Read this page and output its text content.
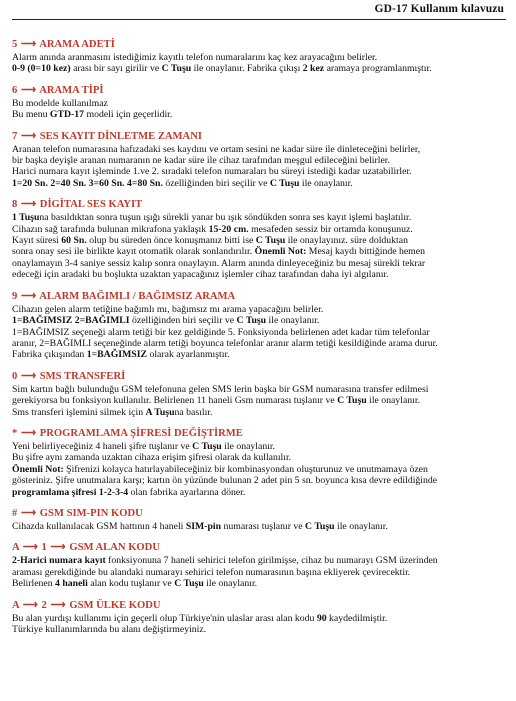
GD-17 Kullanım kılavuzu
5 ⟶ ARAMA ADETİ
Alarm anında aranmasını istediğimiz kayıtlı telefon numaralarını kaç kez arayacağını belirler.
0-9 (0=10 kez) arası bir sayı girilir ve C Tuşu ile onaylanır. Fabrika çıkışı 2 kez aramaya programlanmıştır.
6 ⟶ ARAMA TİPİ
Bu modelde kullanılmaz
Bu menu GTD-17 modeli için geçerlidir.
7 ⟶ SES KAYIT DİNLETME ZAMANI
Aranan telefon numarasına hafızadaki ses kaydını ve ortam sesini ne kadar süre ile dinleteceğini belirler,
bir başka deyişle aranan numaranın ne kadar süre ile cihaz tarafından meşgul edileceğini belirler.
Harici numara kayıt işleminde 1.ve 2. sıradaki telefon numaraları bu süreyi istediği kadar uzatabilirler.
1=20 Sn. 2=40 Sn. 3=60 Sn. 4=80 Sn. özelliğinden biri seçilir ve C Tuşu ile onaylanır.
8 ⟶ DİGİTAL SES KAYIT
1 Tuşuna basıldıktan sonra tuşun ışığı sürekli yanar bu ışık söndükden sonra ses kayıt işlemi başlatılır.
Cihazın sağ tarafında bulunan mikrafona yaklaşık 15-20 cm. mesafeden sessiz bir ortamda konuşunuz.
Kayıt süresi 60 Sn. olup bu süreden önce konuşmanız bitti ise C Tuşu ile onaylayınız. süre dolduktan
sonra onay sesi ile birlikte kayıt otomatik olarak sonlandırılır. Önemli Not: Mesaj kaydı bittiğinde hemen
onaylamayın 3-4 saniye sessiz kalıp sonra onaylayın. Alarm anında dinleyeceğiniz bu mesaj sürekli tekrar
edeceği için aradaki bu boşlukta uzaktan yapacağınız işlemler cihaz tarafından daha iyi algılanır.
9 ⟶ ALARM BAĞIMLI / BAĞIMSIZ ARAMA
Cihazın gelen alarm tetiğine bağımlı mı, bağımsız mı arama yapacağını belirler.
1=BAĞIMSIZ 2=BAĞIMLI özelliğinden biri seçilir ve C Tuşu ile onaylanır.
1=BAĞIMSIZ seçeneği alarm tetiği bir kez geldiğinde 5. Fonksiyonda belirlenen adet kadar tüm telefonlar
aranır, 2=BAĞIMLI seçeneğinde alarm tetiği boyunca telefonlar aranır alarm tetiği kesildiğinde arama durur.
Fabrika çıkışından 1=BAĞIMSIZ olarak ayarlanmıştır.
0 ⟶ SMS TRANSFERİ
Sim kartın bağlı bulunduğu GSM telefonuna gelen SMS lerin başka bir GSM numarasına transfer edilmesi
gerekiyorsa bu fonksiyon kullanılır. Belirlenen 11 haneli Gsm numarası tuşlanır ve C Tuşu ile onaylanır.
Sms transferi işlemini silmek için A Tuşuna basılır.
* ⟶ PROGRAMLAMA ŞİFRESİ DEĞİŞTİRME
Yeni belirliyeceğiniz 4 haneli şifre tuşlanır ve C Tuşu ile onaylanır.
Bu şifre aynı zamanda uzaktan cihaza erişim şifresi olarak da kullanılır.
Önemli Not: Şifrenizi kolayca hatırlayabileceğiniz bir kombinasyondan oluşturunuz ve unutmamaya özen
gösteriniz. Şifre unutmalara karşı; kartın ön yüzünde bulunan 2 adet pin 5 sn. boyunca kısa devre edildiğinde
programlama şifresi 1-2-3-4 olan fabrika ayarlarına döner.
# ⟶ GSM SIM-PIN KODU
Cihazda kullanılacak GSM hattının 4 haneli SIM-pin numarası tuşlanır ve C Tuşu ile onaylanır.
A ⟶ 1 ⟶ GSM ALAN KODU
2-Harici numara kayıt fonksiyonuna 7 haneli sehirici telefon girilmişse, cihaz bu numarayı GSM üzerinden
araması gerekdiğinde bu alandaki numarayı sehirici telefon numarasının başına ekliyerek çevirecektir.
Belirlenen 4 haneli alan kodu tuşlanır ve C Tuşu ile onaylanır.
A ⟶ 2 ⟶ GSM ÜLKE KODU
Bu alan yurdışı kullanımı için geçerli olup Türkiye'nin ulaslar arası alan kodu 90 kaydedilmiştir.
Türkiye kullanımlarında bu alanı değiştirmeyiniz.
